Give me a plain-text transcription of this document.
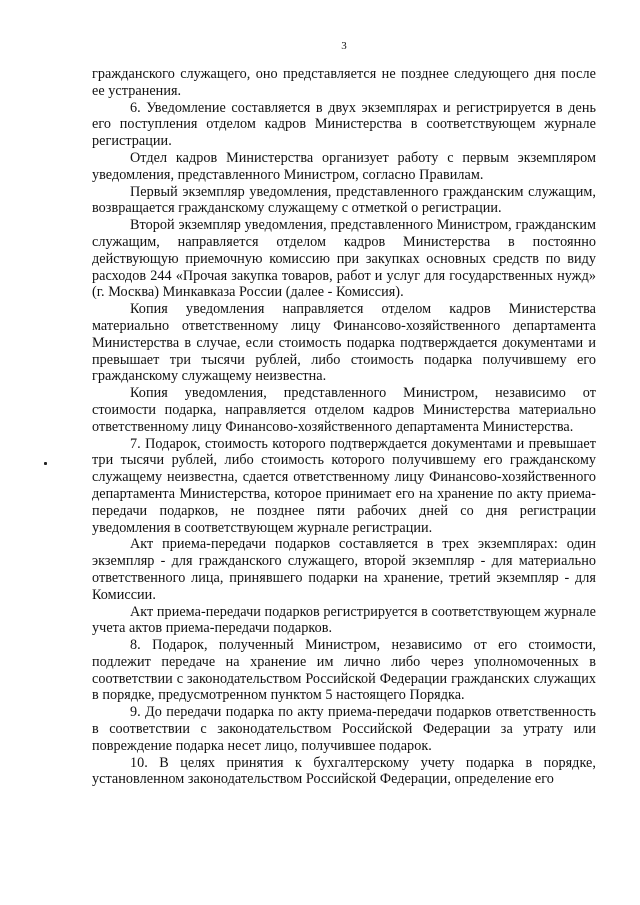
3

гражданского служащего, оно представляется не позднее следующего дня после ее устранения.

6. Уведомление составляется в двух экземплярах и регистрируется в день его поступления отделом кадров Министерства в соответствующем журнале регистрации.

Отдел кадров Министерства организует работу с первым экземпляром уведомления, представленного Министром, согласно Правилам.

Первый экземпляр уведомления, представленного гражданским служащим, возвращается гражданскому служащему с отметкой о регистрации.

Второй экземпляр уведомления, представленного Министром, гражданским служащим, направляется отделом кадров Министерства в постоянно действующую приемочную комиссию при закупках основных средств по виду расходов 244 «Прочая закупка товаров, работ и услуг для государственных нужд» (г. Москва) Минкавказа России (далее - Комиссия).

Копия уведомления направляется отделом кадров Министерства материально ответственному лицу Финансово-хозяйственного департамента Министерства в случае, если стоимость подарка подтверждается документами и превышает три тысячи рублей, либо стоимость подарка получившему его гражданскому служащему неизвестна.

Копия уведомления, представленного Министром, независимо от стоимости подарка, направляется отделом кадров Министерства материально ответственному лицу Финансово-хозяйственного департамента Министерства.

7. Подарок, стоимость которого подтверждается документами и превышает три тысячи рублей, либо стоимость которого получившему его гражданскому служащему неизвестна, сдается ответственному лицу Финансово-хозяйственного департамента Министерства, которое принимает его на хранение по акту приема-передачи подарков, не позднее пяти рабочих дней со дня регистрации уведомления в соответствующем журнале регистрации.

Акт приема-передачи подарков составляется в трех экземплярах: один экземпляр - для гражданского служащего, второй экземпляр - для материально ответственного лица, принявшего подарки на хранение, третий экземпляр - для Комиссии.

Акт приема-передачи подарков регистрируется в соответствующем журнале учета актов приема-передачи подарков.

8. Подарок, полученный Министром, независимо от его стоимости, подлежит передаче на хранение им лично либо через уполномоченных в соответствии с законодательством Российской Федерации гражданских служащих в порядке, предусмотренном пунктом 5 настоящего Порядка.

9. До передачи подарка по акту приема-передачи подарков ответственность в соответствии с законодательством Российской Федерации за утрату или повреждение подарка несет лицо, получившее подарок.

10. В целях принятия к бухгалтерскому учету подарка в порядке, установленном законодательством Российской Федерации, определение его
